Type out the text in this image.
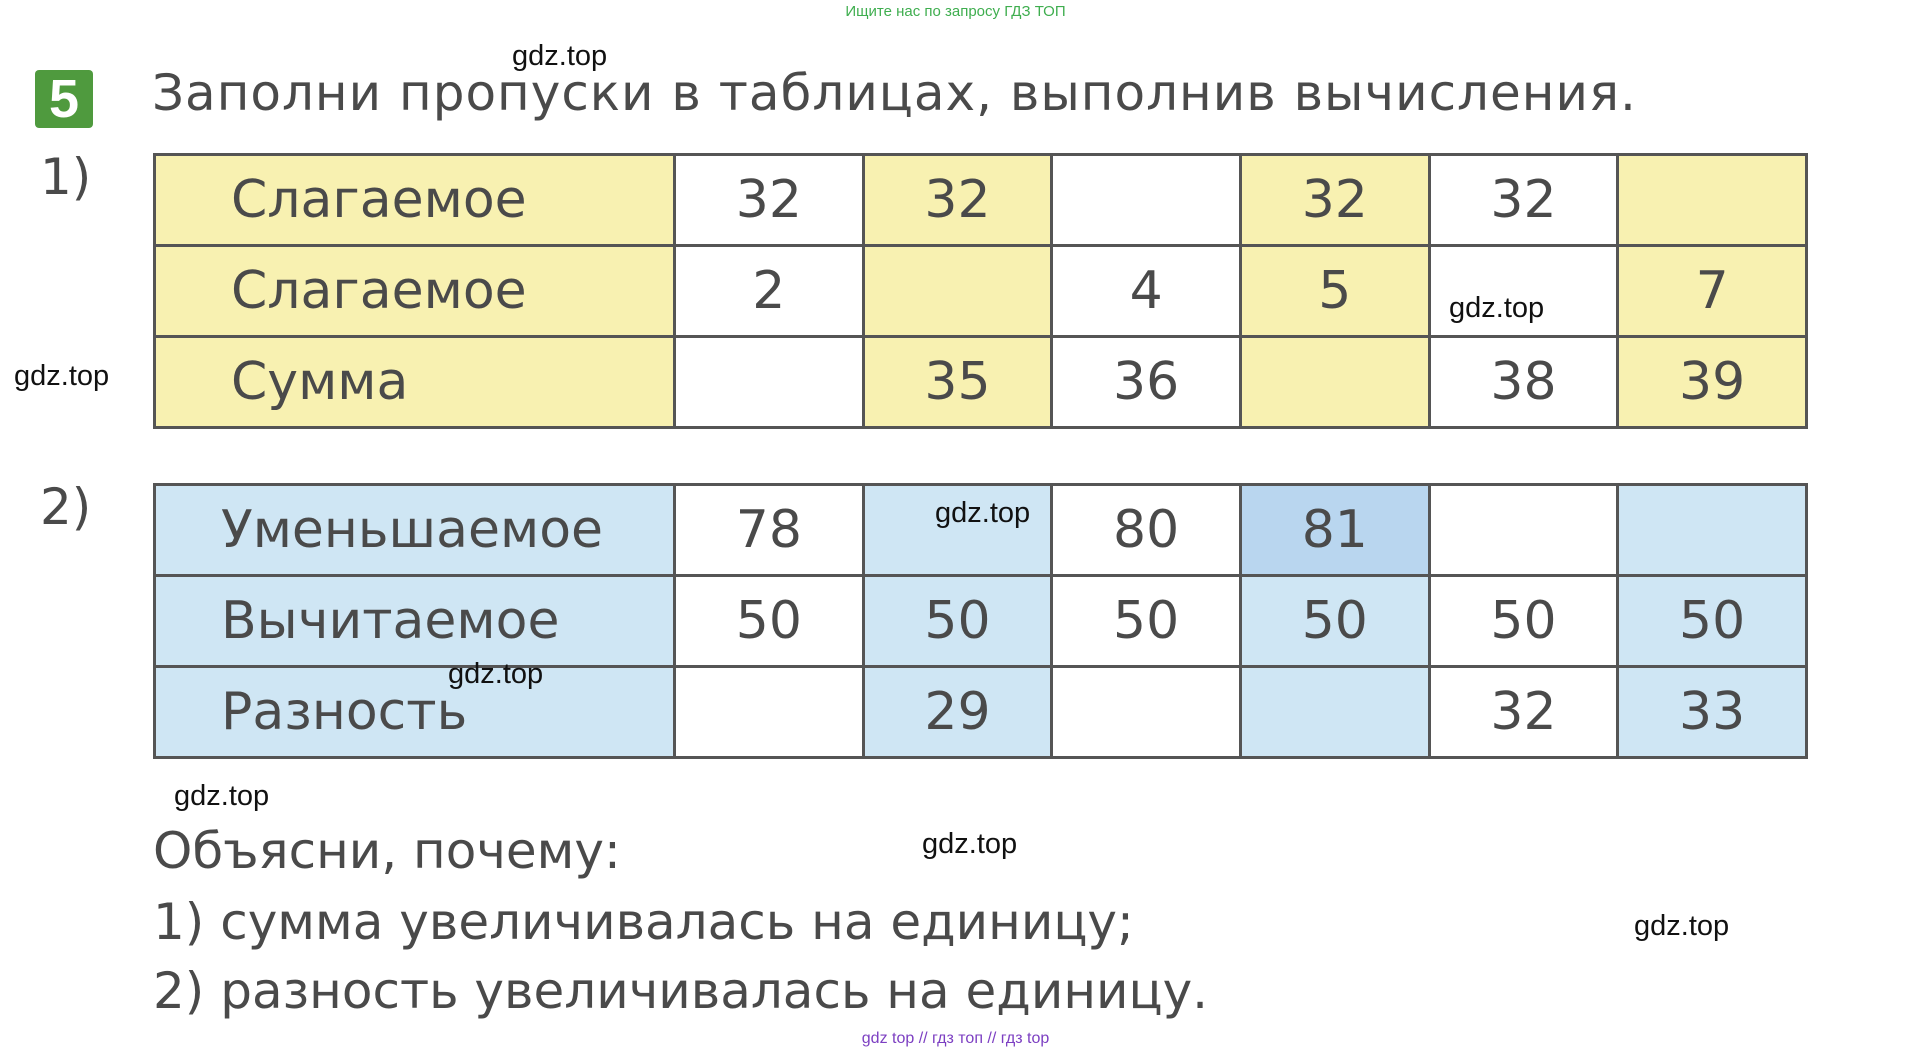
Ищите нас по запросу ГДЗ ТОП
5 Заполни пропуски в таблицах, выполнив вычисления.
1)	Слагаемое	32	32		32	32	
Слагаемое	2		4	5		7
Сумма		35	36		38	39
2) Уменьшаемое	78		80	81		
Вычитаемое	50	50	50	50	50	50
Разность		29			32	33
Объясни, почему:
1) сумма увеличивалась на единицу;
2) разность увеличивалась на единицу.
gdz.top
gdz.top
gdz.top
gdz.top
gdz.top
gdz.top
gdz.top
gdz.top
gdz top // гдз топ // гдз top
